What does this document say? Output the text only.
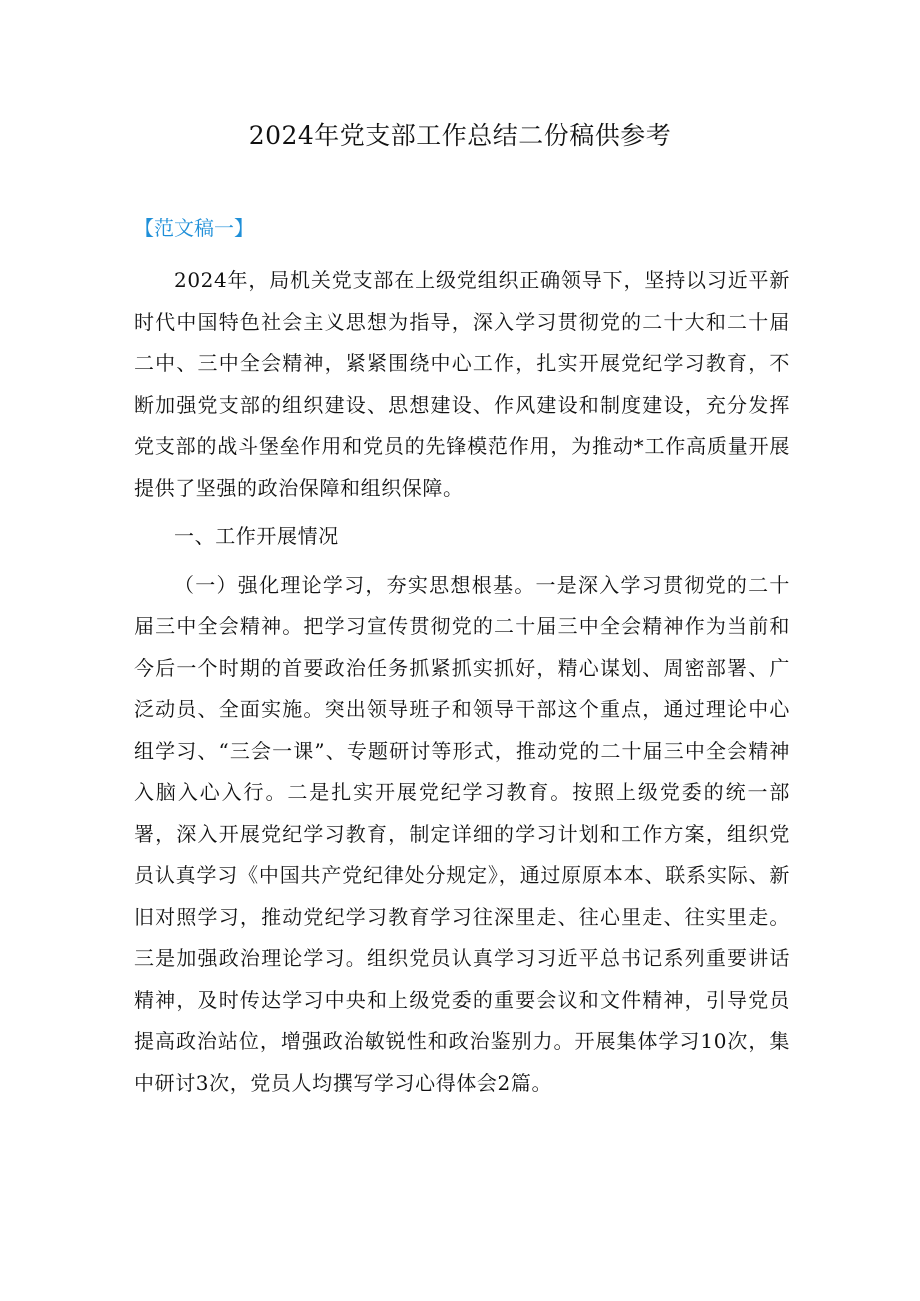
2024年党支部工作总结二份稿供参考

【范文稿一】

2024年，局机关党支部在上级党组织正确领导下，坚持以习近平新时代中国特色社会主义思想为指导，深入学习贯彻党的二十大和二十届二中、三中全会精神，紧紧围绕中心工作，扎实开展党纪学习教育，不断加强党支部的组织建设、思想建设、作风建设和制度建设，充分发挥党支部的战斗堡垒作用和党员的先锋模范作用，为推动*工作高质量开展提供了坚强的政治保障和组织保障。

一、工作开展情况

（一）强化理论学习，夯实思想根基。一是深入学习贯彻党的二十届三中全会精神。把学习宣传贯彻党的二十届三中全会精神作为当前和今后一个时期的首要政治任务抓紧抓实抓好，精心谋划、周密部署、广泛动员、全面实施。突出领导班子和领导干部这个重点，通过理论中心组学习、“三会一课”、专题研讨等形式，推动党的二十届三中全会精神入脑入心入行。二是扎实开展党纪学习教育。按照上级党委的统一部署，深入开展党纪学习教育，制定详细的学习计划和工作方案，组织党员认真学习《中国共产党纪律处分规定》，通过原原本本、联系实际、新旧对照学习，推动党纪学习教育学习往深里走、往心里走、往实里走。三是加强政治理论学习。组织党员认真学习习近平总书记系列重要讲话精神，及时传达学习中央和上级党委的重要会议和文件精神，引导党员提高政治站位，增强政治敏锐性和政治鉴别力。开展集体学习10次，集中研讨3次，党员人均撰写学习心得体会2篇。
